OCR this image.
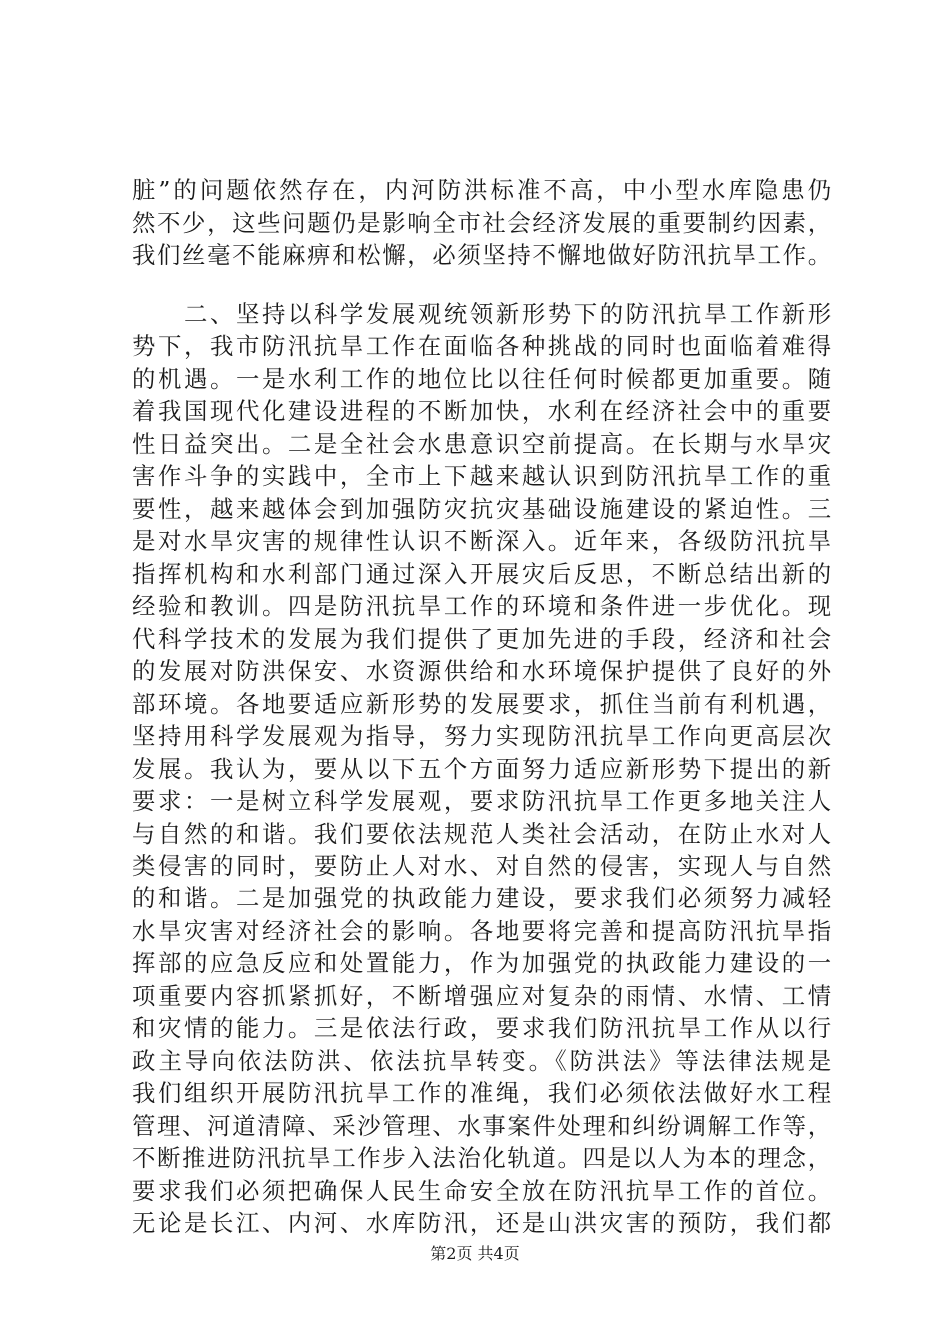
脏”的问题依然存在，内河防洪标准不高，中小型水库隐患仍
然不少，这些问题仍是影响全市社会经济发展的重要制约因素，
我们丝毫不能麻痹和松懈，必须坚持不懈地做好防汛抗旱工作。
　　二、坚持以科学发展观统领新形势下的防汛抗旱工作新形
势下，我市防汛抗旱工作在面临各种挑战的同时也面临着难得
的机遇。一是水利工作的地位比以往任何时候都更加重要。随
着我国现代化建设进程的不断加快，水利在经济社会中的重要
性日益突出。二是全社会水患意识空前提高。在长期与水旱灾
害作斗争的实践中，全市上下越来越认识到防汛抗旱工作的重
要性，越来越体会到加强防灾抗灾基础设施建设的紧迫性。三
是对水旱灾害的规律性认识不断深入。近年来，各级防汛抗旱
指挥机构和水利部门通过深入开展灾后反思，不断总结出新的
经验和教训。四是防汛抗旱工作的环境和条件进一步优化。现
代科学技术的发展为我们提供了更加先进的手段，经济和社会
的发展对防洪保安、水资源供给和水环境保护提供了良好的外
部环境。各地要适应新形势的发展要求，抓住当前有利机遇，
坚持用科学发展观为指导，努力实现防汛抗旱工作向更高层次
发展。我认为，要从以下五个方面努力适应新形势下提出的新
要求：一是树立科学发展观，要求防汛抗旱工作更多地关注人
与自然的和谐。我们要依法规范人类社会活动，在防止水对人
类侵害的同时，要防止人对水、对自然的侵害，实现人与自然
的和谐。二是加强党的执政能力建设，要求我们必须努力减轻
水旱灾害对经济社会的影响。各地要将完善和提高防汛抗旱指
挥部的应急反应和处置能力，作为加强党的执政能力建设的一
项重要内容抓紧抓好，不断增强应对复杂的雨情、水情、工情
和灾情的能力。三是依法行政，要求我们防汛抗旱工作从以行
政主导向依法防洪、依法抗旱转变。《防洪法》等法律法规是
我们组织开展防汛抗旱工作的准绳，我们必须依法做好水工程
管理、河道清障、采沙管理、水事案件处理和纠纷调解工作等，
不断推进防汛抗旱工作步入法治化轨道。四是以人为本的理念，
要求我们必须把确保人民生命安全放在防汛抗旱工作的首位。
无论是长江、内河、水库防汛，还是山洪灾害的预防，我们都
第2页 共4页
